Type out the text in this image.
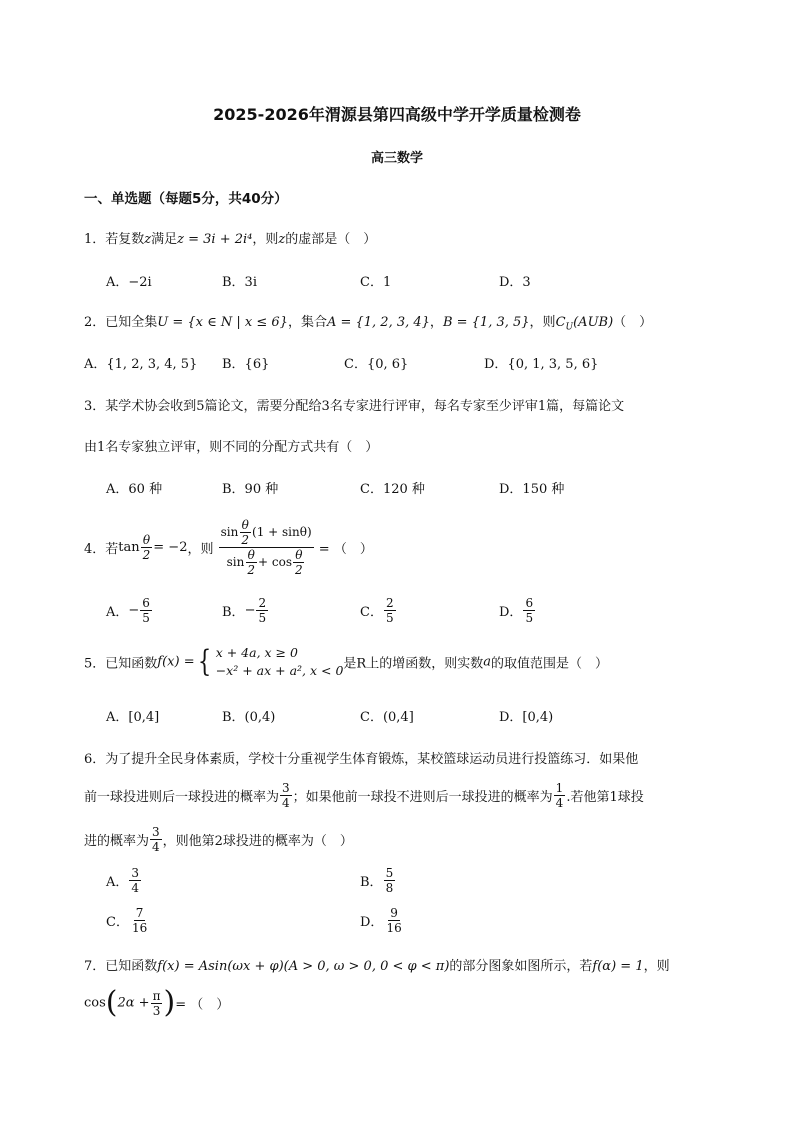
2025-2026年渭源县第四高级中学开学质量检测卷
高三数学
一、单选题（每题5分，共40分）
1．若复数z满足z = 3i + 2i⁴，则z的虚部是（　）
A．−2i	B．3i	C．1	D．3
2．已知全集U = {x ∈ N | x ≤ 6}，集合A = {1, 2, 3, 4}，B = {1, 3, 5}，则$C_U(AUB)$（　）
A．{1, 2, 3, 4, 5} B．{6}	C．{0, 6}	D．{0, 1, 3, 5, 6}
3．某学术协会收到5篇论文，需要分配给3名专家进行评审，每名专家至少评审1篇，每篇论文
由1名专家独立评审，则不同的分配方式共有（　）
A．60 种	B．90 种	C．120 种	D．150 种
4．若$\tan \frac{\theta}{2} = -2$，则 $\frac{\sin \frac{\theta}{2} (1 + \sin\theta)}{\sin \frac{\theta}{2} + \cos \frac{\theta}{2}}$ = （　）
A．− $\frac{6}{5}$	B．− $\frac{2}{5}$	C． $\frac{2}{5}$	D． $\frac{6}{5}$
5．已知函数f(x) ={ x + 4a, x ≥ 0
−x² + ax + a², x < 0 是R上的增函数，则实数a的取值范围是（　）
A．[0,4]	B．(0,4)	C．(0,4]	D．[0,4)
6．为了提升全民身体素质，学校十分重视学生体育锻炼，某校篮球运动员进行投篮练习．如果他
前一球投进则后一球投进的概率为 $\frac{3}{4}$ ；如果他前一球投不进则后一球投进的概率为 $\frac{1}{4}$ .若他第1球投
进的概率为 $\frac{3}{4}$ ，则他第2球投进的概率为（　）
A． $\frac{3}{4}$	B． $\frac{5}{8}$
C． $\frac{7}{16}$	D． $\frac{9}{16}$
7．已知函数f(x) = Asin(ωx + φ)(A > 0, ω > 0, 0 < φ < π)的部分图象如图所示，若f(α) = 1，则
$\cos(2\alpha + \frac{\pi}{3}$ )= （　）
